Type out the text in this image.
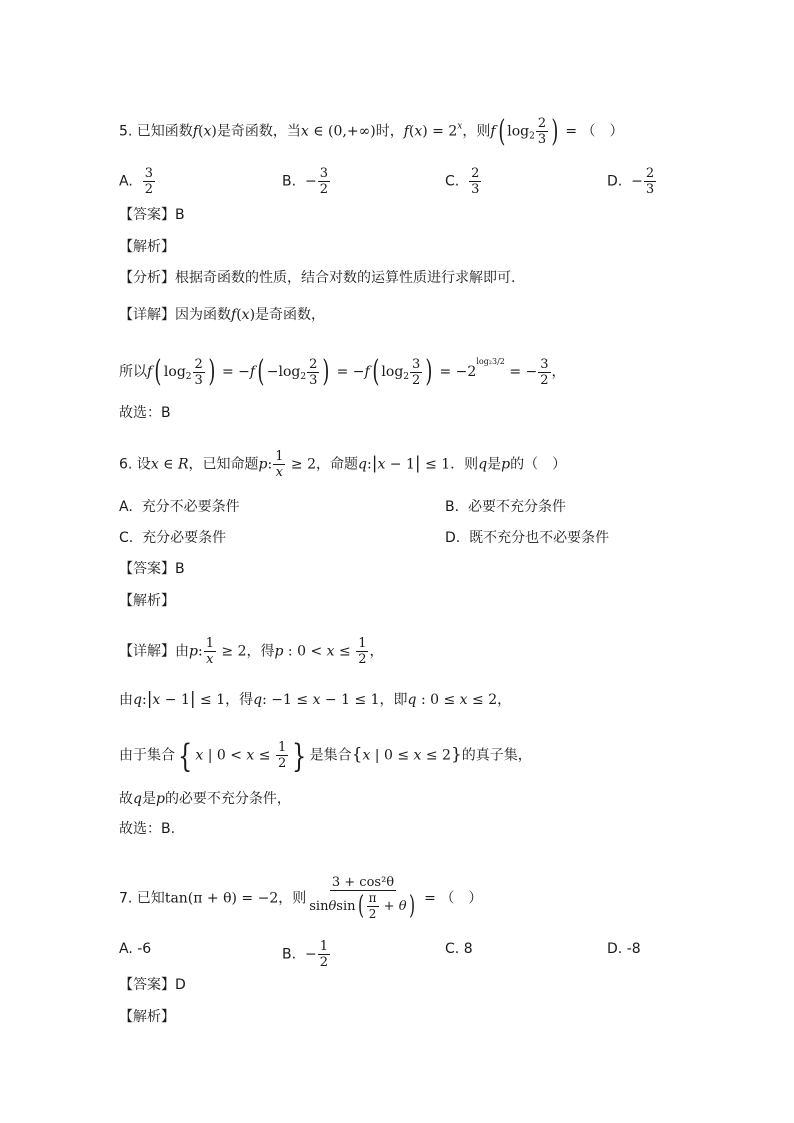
5. 已知函数f(x)是奇函数，当x ∈ (0,+∞)时，$f(x) = 2^x$，则f( $\log_2 \frac{2}{3}$ ) = （　）
A. $\frac{3}{2}$	B. − $\frac{3}{2}$	C. $\frac{2}{3}$	D. − $\frac{2}{3}$
【答案】B
【解析】
【分析】根据奇函数的性质，结合对数的运算性质进行求解即可.
【详解】因为函数f(x)是奇函数，
所以f( $\log_2 \frac{2}{3}$ ) = $-f( -\log_2 \frac{2}{3}$ ) = −f( $\log_2 \frac{3}{2}$ ) = $-2^{log_23/2}$ = − $\frac{3}{2}$ ，
故选：B
6. 设x ∈ R，已知命题p: $\frac{1}{x} \ge 2$，命题q:|x − 1| ≤ 1．则q是p的（　）
A. 充分不必要条件	B. 必要不充分条件
C. 充分必要条件	D. 既不充分也不必要条件
【答案】B
【解析】
【详解】由p: $\frac{1}{x} \ge 2$，得p : $0 < x \le \frac{1}{2}$ ，
由q:|x − 1| ≤ 1，得q: −1 ≤ x − 1 ≤ 1，即q : 0 ≤ x ≤ 2，
由于集合{ x | $0 < x \le \frac{1}{2}$ } 是集合{x | 0 ≤ x ≤ 2}的真子集，
故q是p的必要不充分条件，
故选：B.
7. 已知tan(π + θ) = −2，则 $\frac{\text{3 + cos²θ}}{\sin\theta\sin( \frac{\pi}{2} + \theta)}$ = （　）
A. -6	B. − $\frac{1}{2}$	C. 8	D. -8
【答案】D
【解析】
